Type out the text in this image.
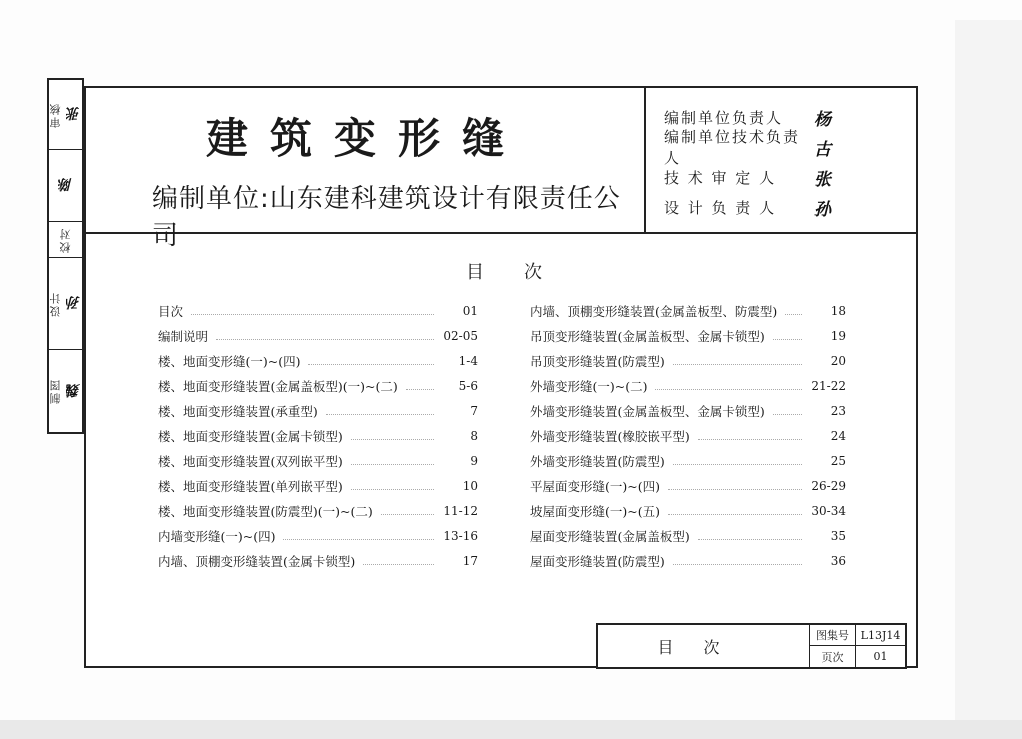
审核 张
陈
校对
设计 孙
制图 魏
建筑变形缝
编制单位:山东建科建筑设计有限责任公司
编制单位负责人	杨
编制单位技术负责人	古
技 术 审 定 人	张
设 计 负 责 人	孙
目次
目次	01
编制说明	02-05
楼、地面变形缝(一)~(四)	1-4
楼、地面变形缝装置(金属盖板型)(一)~(二)	5-6
楼、地面变形缝装置(承重型)	7
楼、地面变形缝装置(金属卡锁型)	8
楼、地面变形缝装置(双列嵌平型)	9
楼、地面变形缝装置(单列嵌平型)	10
楼、地面变形缝装置(防震型)(一)~(二)	11-12
内墙变形缝(一)~(四)	13-16
内墙、顶棚变形缝装置(金属卡锁型)	17
内墙、顶棚变形缝装置(金属盖板型、防震型)	18
吊顶变形缝装置(金属盖板型、金属卡锁型)	19
吊顶变形缝装置(防震型)	20
外墙变形缝(一)~(二)	21-22
外墙变形缝装置(金属盖板型、金属卡锁型)	23
外墙变形缝装置(橡胶嵌平型)	24
外墙变形缝装置(防震型)	25
平屋面变形缝(一)~(四)	26-29
坡屋面变形缝(一)~(五)	30-34
屋面变形缝装置(金属盖板型)	35
屋面变形缝装置(防震型)	36
目次
图集号	L13J14
页次	01
